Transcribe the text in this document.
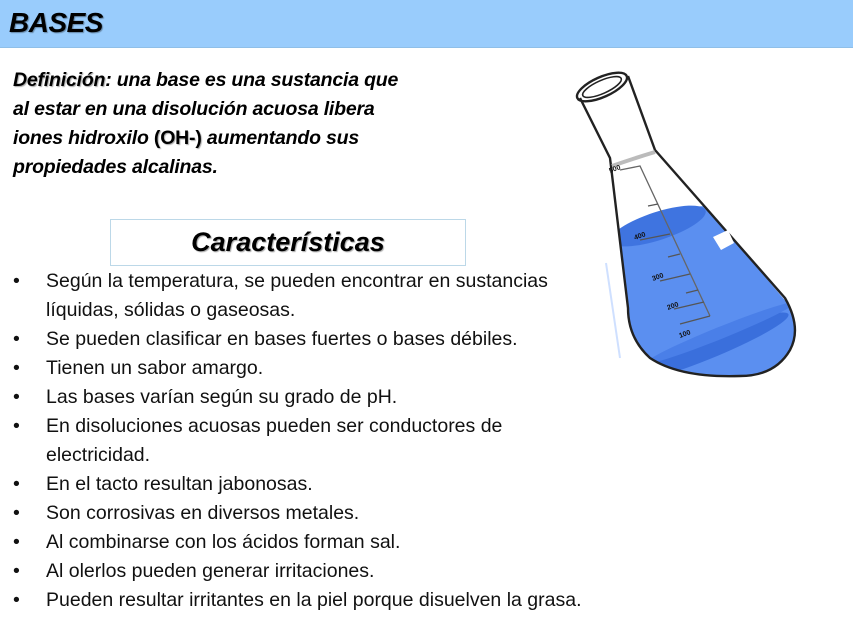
BASES
Definición: una base es una sustancia que
al estar en una disolución acuosa libera
iones hidroxilo (OH-) aumentando sus
propiedades alcalinas.
Características
• Según la temperatura, se pueden encontrar en sustancias
líquidas, sólidas o gaseosas.
• Se pueden clasificar en bases fuertes o bases débiles.
• Tienen un sabor amargo.
• Las bases varían según su grado de pH.
• En disoluciones acuosas pueden ser conductores de
electricidad.
• En el tacto resultan jabonosas.
• Son corrosivas en diversos metales.
• Al combinarse con los ácidos forman sal.
• Al olerlos pueden generar irritaciones.
• Pueden resultar irritantes en la piel porque disuelven la grasa.
500
400
300
200
100
